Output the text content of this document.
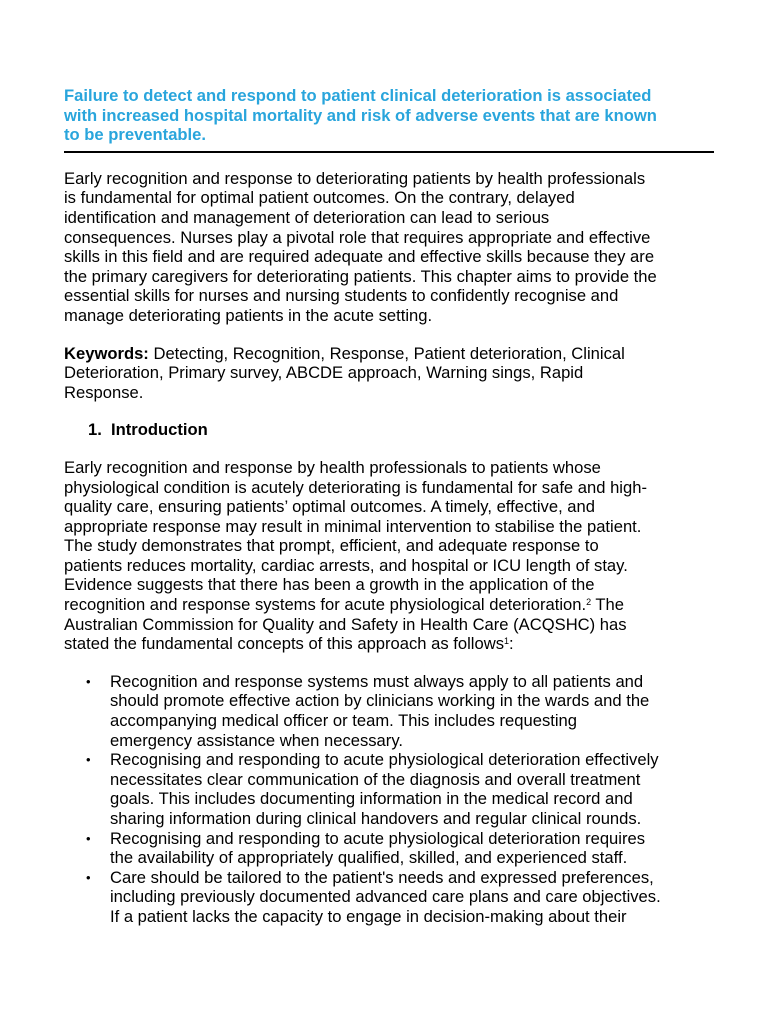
Failure to detect and respond to patient clinical deterioration is associated
with increased hospital mortality and risk of adverse events that are known
to be preventable.

Early recognition and response to deteriorating patients by health professionals
is fundamental for optimal patient outcomes. On the contrary, delayed
identification and management of deterioration can lead to serious
consequences. Nurses play a pivotal role that requires appropriate and effective
skills in this field and are required adequate and effective skills because they are
the primary caregivers for deteriorating patients. This chapter aims to provide the
essential skills for nurses and nursing students to confidently recognise and
manage deteriorating patients in the acute setting.

Keywords: Detecting, Recognition, Response, Patient deterioration, Clinical
Deterioration, Primary survey, ABCDE approach, Warning sings, Rapid
Response.

1. Introduction

Early recognition and response by health professionals to patients whose
physiological condition is acutely deteriorating is fundamental for safe and high-
quality care, ensuring patients’ optimal outcomes. A timely, effective, and
appropriate response may result in minimal intervention to stabilise the patient.
The study demonstrates that prompt, efficient, and adequate response to
patients reduces mortality, cardiac arrests, and hospital or ICU length of stay.
Evidence suggests that there has been a growth in the application of the
recognition and response systems for acute physiological deterioration.$^2$ The
Australian Commission for Quality and Safety in Health Care (ACQSHC) has
stated the fundamental concepts of this approach as follows$^1$:

• Recognition and response systems must always apply to all patients and
should promote effective action by clinicians working in the wards and the
accompanying medical officer or team. This includes requesting
emergency assistance when necessary.
• Recognising and responding to acute physiological deterioration effectively
necessitates clear communication of the diagnosis and overall treatment
goals. This includes documenting information in the medical record and
sharing information during clinical handovers and regular clinical rounds.
• Recognising and responding to acute physiological deterioration requires
the availability of appropriately qualified, skilled, and experienced staff.
• Care should be tailored to the patient's needs and expressed preferences,
including previously documented advanced care plans and care objectives.
If a patient lacks the capacity to engage in decision-making about their
